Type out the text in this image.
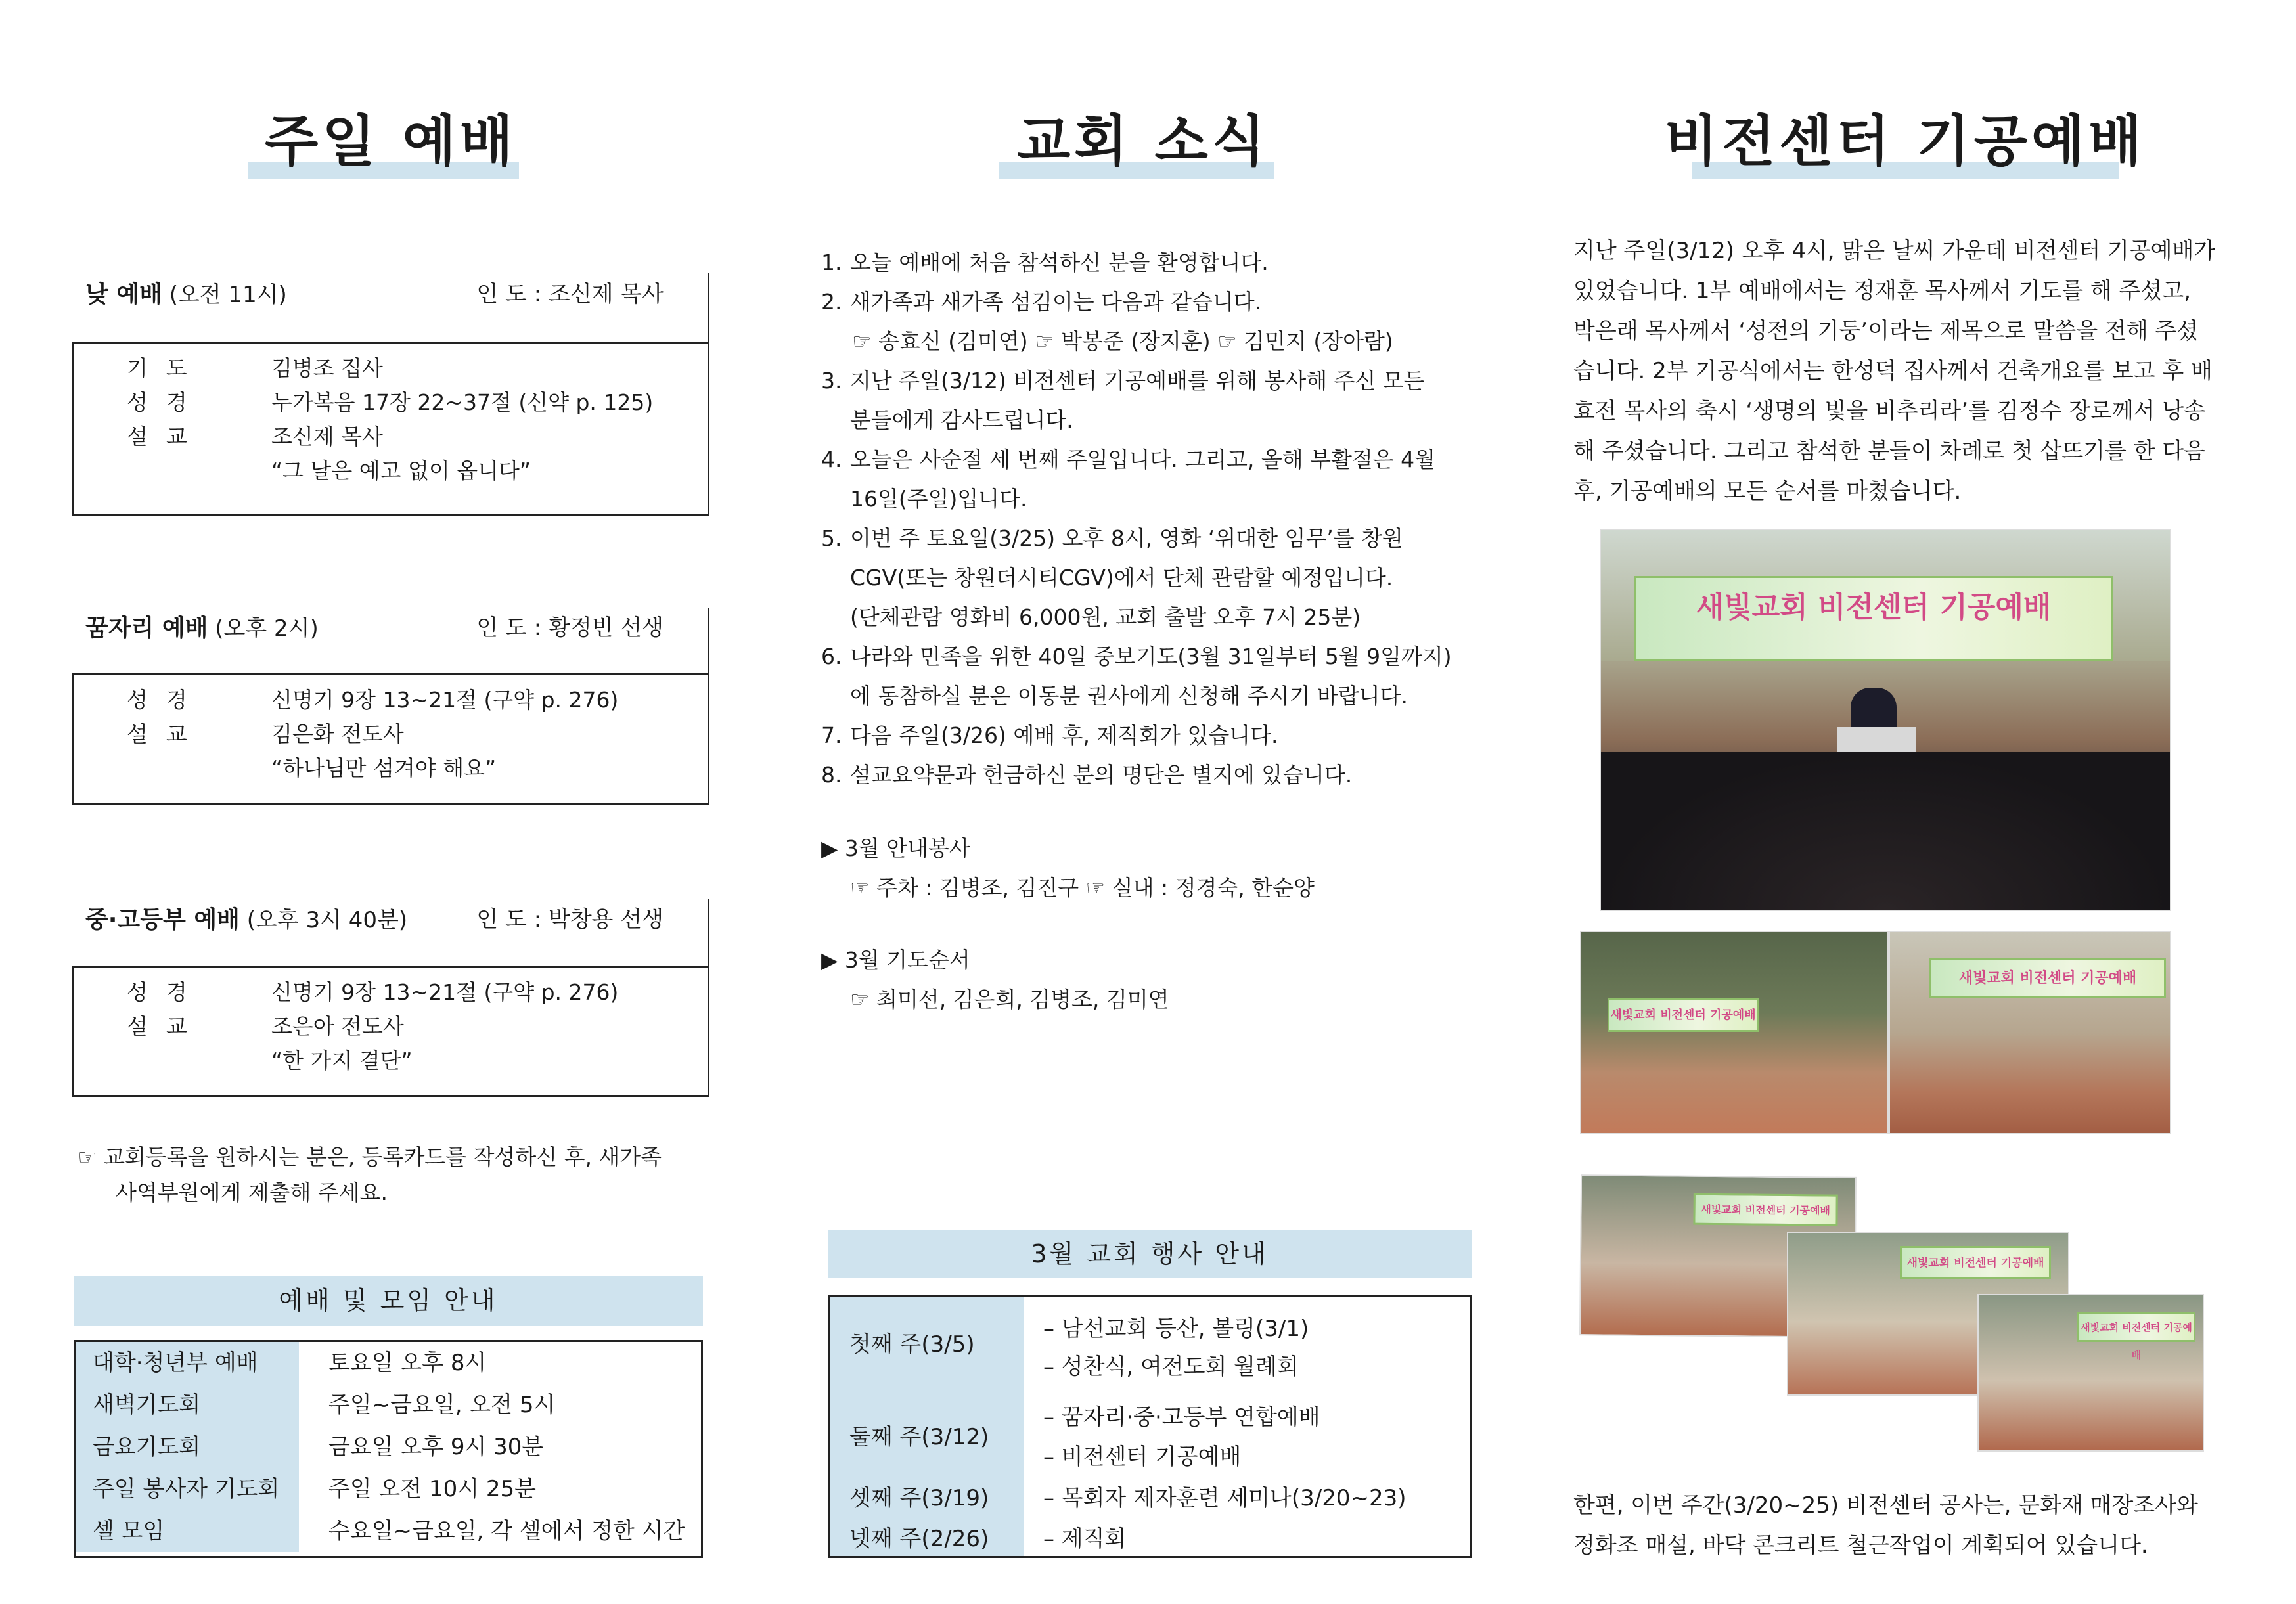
주일 예배
낮 예배 (오전 11시)	인 도 : 조신제 목사
기도	김병조 집사
성경	누가복음 17장 22~37절 (신약 p. 125)
설교	조신제 목사
“그 날은 예고 없이 옵니다”
꿈자리 예배 (오후 2시)	인 도 : 황정빈 선생
성경	신명기 9장 13~21절 (구약 p. 276)
설교	김은화 전도사
“하나님만 섬겨야 해요”
중·고등부 예배 (오후 3시 40분)	인 도 : 박창용 선생
성경	신명기 9장 13~21절 (구약 p. 276)
설교	조은아 전도사
“한 가지 결단”
☞ 교회등록을 원하시는 분은, 등록카드를 작성하신 후, 새가족
사역부원에게 제출해 주세요.
예배 및 모임 안내
대학·청년부 예배	토요일 오후 8시
새벽기도회	주일~금요일, 오전 5시
금요기도회	금요일 오후 9시 30분
주일 봉사자 기도회	주일 오전 10시 25분
셀 모임	수요일~금요일, 각 셀에서 정한 시간
교회 소식
1. 오늘 예배에 처음 참석하신 분을 환영합니다.
2. 새가족과 새가족 섬김이는 다음과 같습니다.
☞ 송효신 (김미연) ☞ 박봉준 (장지훈) ☞ 김민지 (장아람)
3. 지난 주일(3/12) 비전센터 기공예배를 위해 봉사해 주신 모든
분들에게 감사드립니다.
4. 오늘은 사순절 세 번째 주일입니다. 그리고, 올해 부활절은 4월
16일(주일)입니다.
5. 이번 주 토요일(3/25) 오후 8시, 영화 ‘위대한 임무’를 창원
CGV(또는 창원더시티CGV)에서 단체 관람할 예정입니다.
(단체관람 영화비 6,000원, 교회 출발 오후 7시 25분)
6. 나라와 민족을 위한 40일 중보기도(3월 31일부터 5월 9일까지)
에 동참하실 분은 이동분 권사에게 신청해 주시기 바랍니다.
7. 다음 주일(3/26) 예배 후, 제직회가 있습니다.
8. 설교요약문과 헌금하신 분의 명단은 별지에 있습니다.
▶ 3월 안내봉사
☞ 주차 : 김병조, 김진구 ☞ 실내 : 정경숙, 한순양
▶ 3월 기도순서
☞ 최미선, 김은희, 김병조, 김미연
3월 교회 행사 안내
첫째 주(3/5)
– 남선교회 등산, 볼링(3/1)
– 성찬식, 여전도회 월례회
둘째 주(3/12)
– 꿈자리·중·고등부 연합예배
– 비전센터 기공예배
셋째 주(3/19) – 목회자 제자훈련 세미나(3/20~23)
넷째 주(2/26) – 제직회
비전센터 기공예배
지난 주일(3/12) 오후 4시, 맑은 날씨 가운데 비전센터 기공예배가
있었습니다. 1부 예배에서는 정재훈 목사께서 기도를 해 주셨고,
박은래 목사께서 ‘성전의 기둥’이라는 제목으로 말씀을 전해 주셨
습니다. 2부 기공식에서는 한성덕 집사께서 건축개요를 보고 후 배
효전 목사의 축시 ‘생명의 빛을 비추리라’를 김정수 장로께서 낭송
해 주셨습니다. 그리고 참석한 분들이 차례로 첫 삽뜨기를 한 다음
후, 기공예배의 모든 순서를 마쳤습니다.
새빛교회 비전센터 기공예배
새빛교회 비전센터 기공예배
새빛교회 비전센터 기공예배
새빛교회 비전센터 기공예배
새빛교회 비전센터 기공예배
새빛교회 비전센터 기공예배
한편, 이번 주간(3/20~25) 비전센터 공사는, 문화재 매장조사와
정화조 매설, 바닥 콘크리트 철근작업이 계획되어 있습니다.
